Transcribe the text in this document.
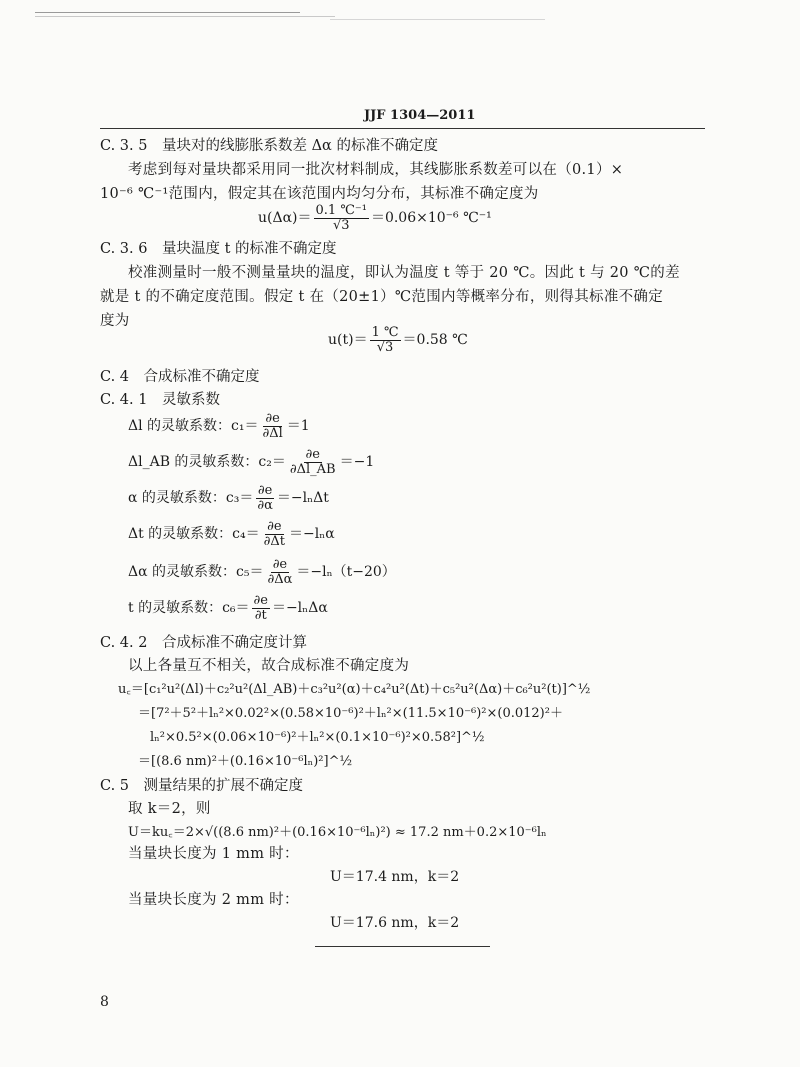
JJF 1304—2011
C. 3. 5　量块对的线膨胀系数差 Δα 的标准不确定度
考虑到每对量块都采用同一批次材料制成，其线膨胀系数差可以在（0.1）×
10⁻⁶ ℃⁻¹范围内，假定其在该范围内均匀分布，其标准不确定度为
$u(\Delta\alpha)= \frac{\text{0.1 ℃⁻¹}}{√3} =0.06\times 10^{-6}$ ℃⁻¹
C. 3. 6　量块温度 t 的标准不确定度
校准测量时一般不测量量块的温度，即认为温度 t 等于 20 ℃。因此 t 与 20 ℃的差
就是 t 的不确定度范围。假定 t 在（20±1）℃范围内等概率分布，则得其标准不确定
度为
$u(t)= \frac{1 ℃}{√3} =0.58$ ℃
C. 4　合成标准不确定度
C. 4. 1　灵敏系数
Δl 的灵敏系数：$c_1= \frac{\partial e}{\partial\Delta l} =1$
Δl_AB 的灵敏系数：$c_2= \frac{\partial e}{\partial\Delta l\_AB} =-1$
α 的灵敏系数：$c_3= \frac{\partial e}{\partial\alpha} =-l_n\Delta t$
Δt 的灵敏系数：$c_4= \frac{\partial e}{\partial\Delta t} =-l_n\alpha$
Δα 的灵敏系数：$c_5= \frac{\partial e}{\partial\Delta\alpha} =-l_n(t-20)$
t 的灵敏系数：$c_6= \frac{\partial e}{\partial t} =-l_n\Delta\alpha$
C. 4. 2　合成标准不确定度计算
以上各量互不相关，故合成标准不确定度为
u꜀＝[c₁²u²(Δl)＋c₂²u²(Δl_AB)＋c₃²u²(α)＋c₄²u²(Δt)＋c₅²u²(Δα)＋c₆²u²(t)]^½
＝[7²＋5²＋lₙ²×0.02²×(0.58×10⁻⁶)²＋lₙ²×(11.5×10⁻⁶)²×(0.012)²＋
lₙ²×0.5²×(0.06×10⁻⁶)²＋lₙ²×(0.1×10⁻⁶)²×0.58²]^½
＝[(8.6 nm)²＋(0.16×10⁻⁶lₙ)²]^½
C. 5　测量结果的扩展不确定度
取 k＝2，则
U＝ku꜀＝2×√((8.6 nm)²＋(0.16×10⁻⁶lₙ)²) ≈ 17.2 nm＋0.2×10⁻⁶lₙ
当量块长度为 1 mm 时：
U＝17.4 nm，k＝2
当量块长度为 2 mm 时：
U＝17.6 nm，k＝2
8
